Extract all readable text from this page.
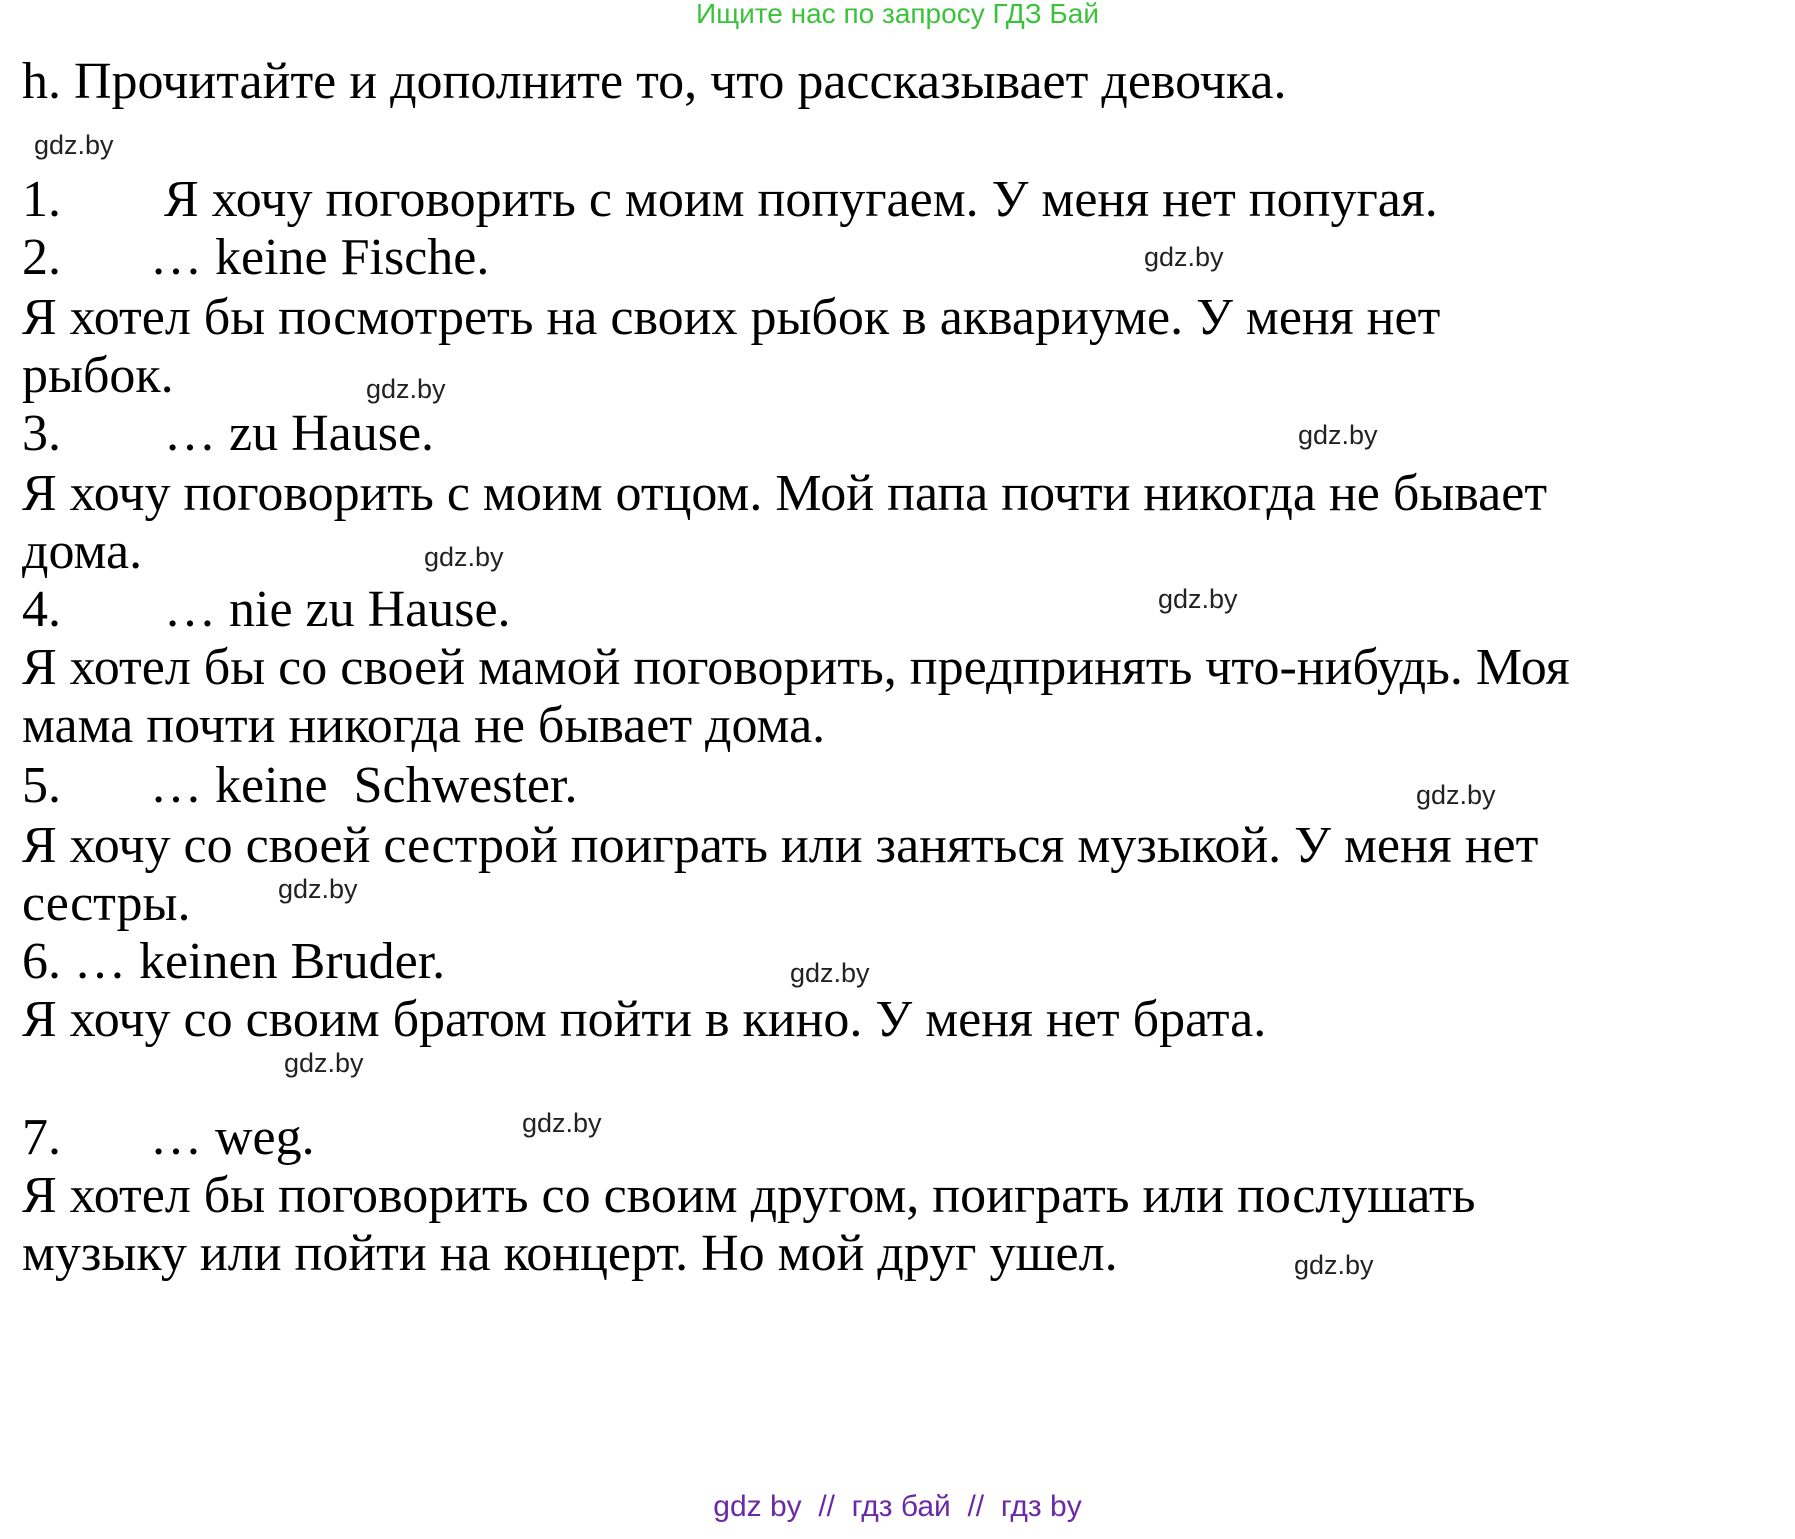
Ищите нас по запросу ГДЗ Бай
h. Прочитайте и дополните то, что рассказывает девочка.
1. Я хочу поговорить с моим попугаем. У меня нет попугая.
2. … keine Fische.
Я хотел бы посмотреть на своих рыбок в аквариуме. У меня нет
рыбок.
3. … zu Hause.
Я хочу поговорить с моим отцом. Мой папа почти никогда не бывает
дома.
4. … nie zu Hause.
Я хотел бы со своей мамой поговорить, предпринять что-нибудь. Моя
мама почти никогда не бывает дома.
5. … keine  Schwester.
Я хочу со своей сестрой поиграть или заняться музыкой. У меня нет
сестры.
6. … keinen Bruder.
Я хочу со своим братом пойти в кино. У меня нет брата.
7. … weg.
Я хотел бы поговорить со своим другом, поиграть или послушать
музыку или пойти на концерт. Но мой друг ушел.
gdz.by
gdz.by
gdz.by
gdz.by
gdz.by
gdz.by
gdz.by
gdz.by
gdz.by
gdz.by
gdz.by
gdz.by
gdz by  //  гдз бай  //  гдз by
